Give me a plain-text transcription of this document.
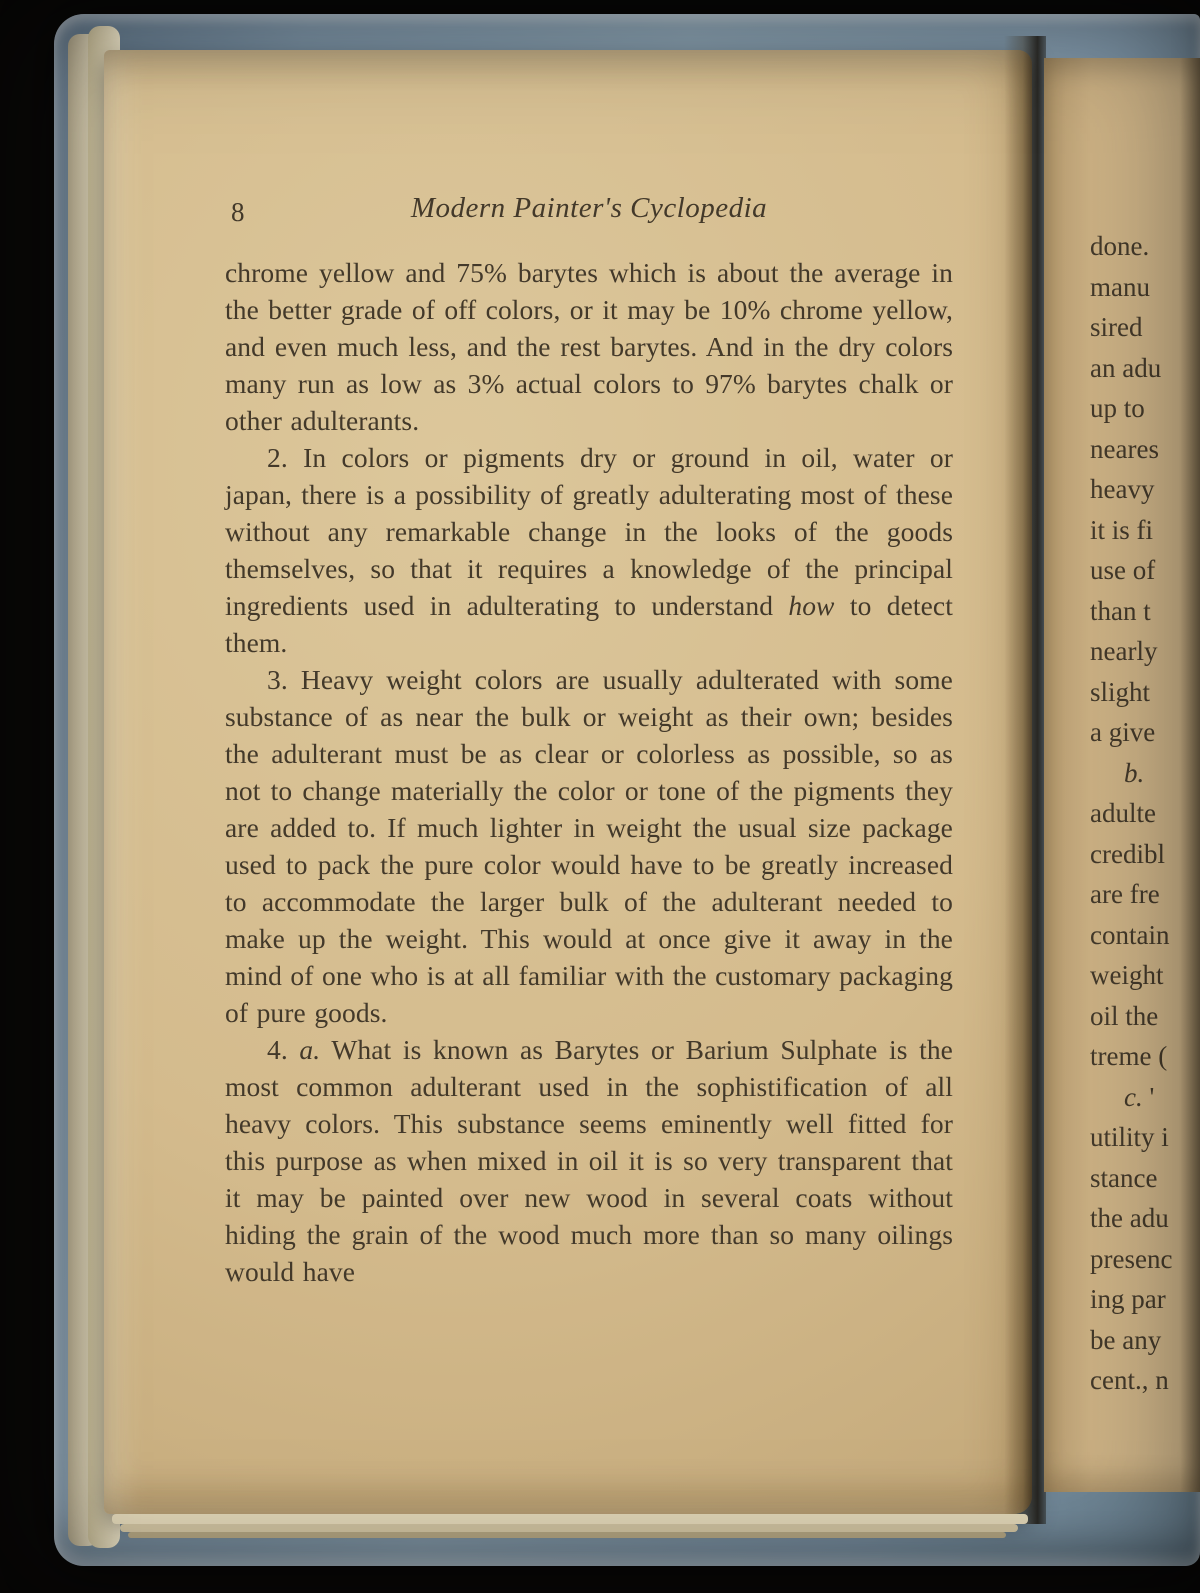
8	Modern Painter's Cyclopedia

chrome yellow and 75% barytes which is about the average in the better grade of off colors, or it may be 10% chrome yellow, and even much less, and the rest barytes. And in the dry colors many run as low as 3% actual colors to 97% barytes chalk or other adulterants.

2. In colors or pigments dry or ground in oil, water or japan, there is a possibility of greatly adulterating most of these without any remarkable change in the looks of the goods themselves, so that it requires a knowledge of the principal ingredients used in adulterating to understand how to detect them.

3. Heavy weight colors are usually adulterated with some substance of as near the bulk or weight as their own; besides the adulterant must be as clear or colorless as possible, so as not to change materially the color or tone of the pigments they are added to. If much lighter in weight the usual size package used to pack the pure color would have to be greatly increased to accommodate the larger bulk of the adulterant needed to make up the weight. This would at once give it away in the mind of one who is at all familiar with the customary packaging of pure goods.

4. a. What is known as Barytes or Barium Sulphate is the most common adulterant used in the sophistification of all heavy colors. This substance seems eminently well fitted for this purpose as when mixed in oil it is so very transparent that it may be painted over new wood in several coats without hiding the grain of the wood much more than so many oilings would have

done.
manu
sired
an adu
up to
neares
heavy
it is fi
use of
than t
nearly
slight
a give
b.
adulte
credibl
are fre
contain
weight
oil the
treme (
c. '
utility i
stance
the adu
presenc
ing par
be any
cent., n
